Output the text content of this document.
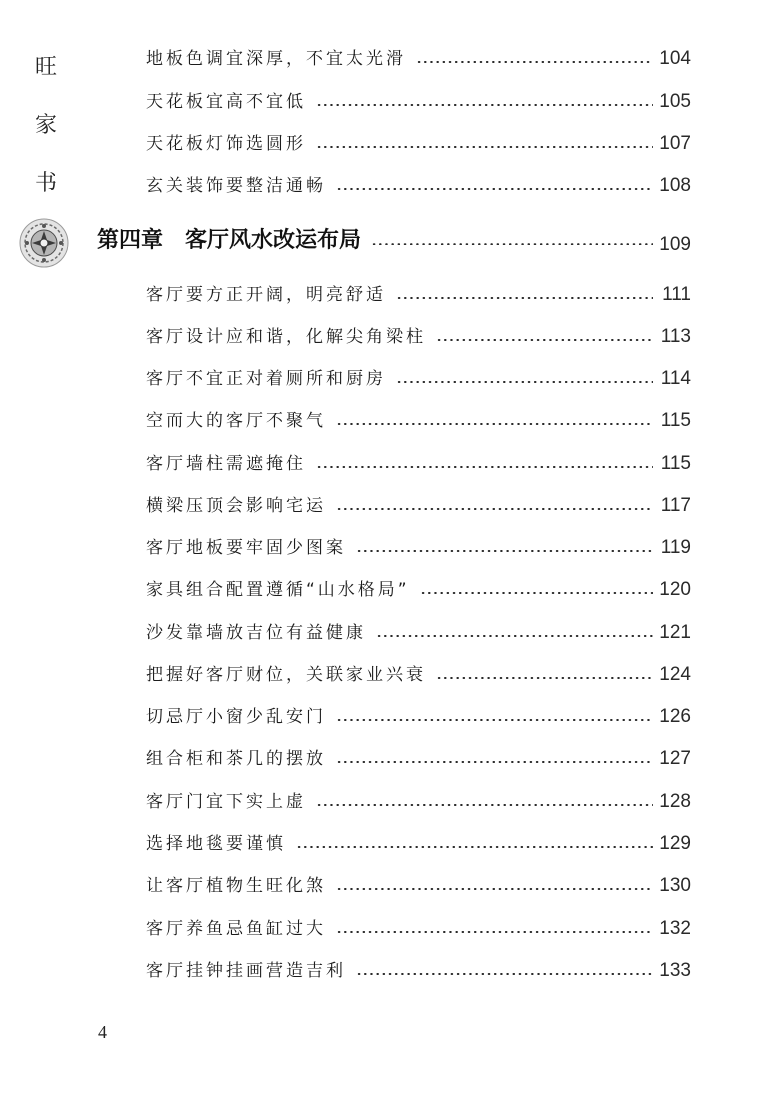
旺
家
书
地板色调宜深厚，不宜太光滑	104
天花板宜高不宜低	105
天花板灯饰选圆形	107
玄关装饰要整洁通畅	108
第四章 客厅风水改运布局	109
客厅要方正开阔，明亮舒适	111
客厅设计应和谐，化解尖角梁柱	113
客厅不宜正对着厕所和厨房	114
空而大的客厅不聚气	115
客厅墙柱需遮掩住	115
横梁压顶会影响宅运	117
客厅地板要牢固少图案	119
家具组合配置遵循“山水格局”	120
沙发靠墙放吉位有益健康	121
把握好客厅财位，关联家业兴衰	124
切忌厅小窗少乱安门	126
组合柜和茶几的摆放	127
客厅门宜下实上虚	128
选择地毯要谨慎	129
让客厅植物生旺化煞	130
客厅养鱼忌鱼缸过大	132
客厅挂钟挂画营造吉利	133
4
